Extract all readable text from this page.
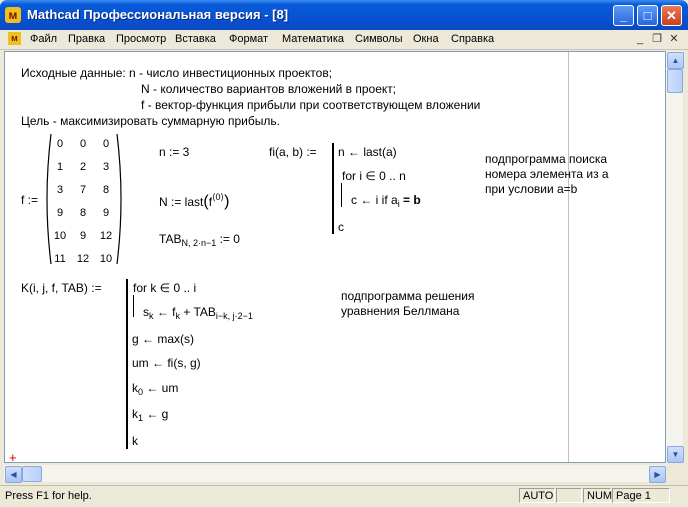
м Mathcad Профессиональная версия - [8]	_	□	✕
м Файл Правка Просмотр Вставка Формат Математика Символы Окна Справка	_ ❐ ✕
Исходные данные: n - число инвестиционных проектов;
N - количество вариантов вложений в проект;
f - вектор-функция прибыли при соответствующем вложении
Цель - максимизировать суммарную прибыль.
f :=
0	0	0
1	2	3
3	7	8
9	8	9
10	9	12
11 12 10
n := 3
N := $last(f^{⟨0⟩})$
$TAB_{N, 2\cdot n-1}$ := 0
fi(a, b) := n ← last(a)
for i ∈ 0 .. n
c ← i if $a_i = b$
c
подпрограмма поиска
номера элемента из a
при условии a=b
K(i, j, f, TAB) :=	for k ∈ 0 .. i
$s_k$ ← $f_k + TAB_{i-k, j\cdot 2-1}$
g ← max(s)
um ← fi(s, g)
$k_0$ ← um
$k_1$ ← g
k
подпрограмма решения
уравнения Беллмана
+
▲
▼
◀	▶
Press F1 for help.	AUTO	NUM Page 1
